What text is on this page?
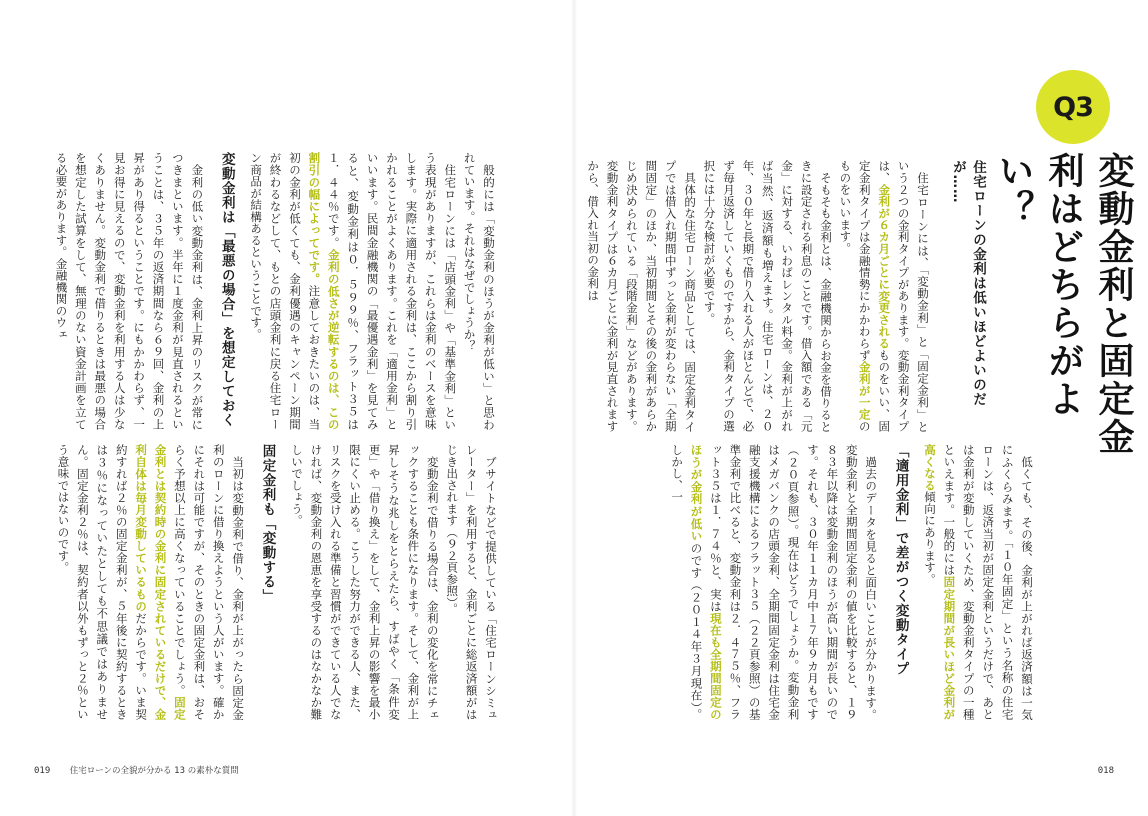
般的には「変動金利のほうが金利が低い」と思われています。それはなぜでしょうか？

住宅ローンには「店頭金利」や「基準金利」という表現がありますが、これらは金利のベースを意味します。実際に適用される金利は、ここから割り引かれることがよくあります。これを「適用金利」といいます。民間金融機関の「最優遇金利」を見てみると、変動金利は０．５９９％、フラット３５は１．４４％です。金利の低さが逆転するのは、この割引の幅によってです。注意しておきたいのは、当初の金利が低くても、金利優遇のキャンペーン期間が終わるなどして、もとの店頭金利に戻る住宅ローン商品が結構あるということです。

変動金利は「最悪の場合」を想定しておく

金利の低い変動金利は、金利上昇のリスクが常につきまといます。半年に１度金利が見直されるということは、３５年の返済期間なら６９回、金利の上昇があり得るということです。にもかかわらず、一見お得に見えるので、変動金利を利用する人は少なくありません。変動金利で借りるときは最悪の場合を想定した試算をして、無理のない資金計画を立てる必要があります。金融機関のウェ

ブサイトなどで提供している「住宅ローンシミュレーター」を利用すると、金利ごとに総返済額がはじき出されます（９２頁参照）。

変動金利で借りる場合は、金利の変化を常にチェックすることも条件になります。そして、金利が上昇しそうな兆しをとらえたら、すばやく「条件変更」や「借り換え」をして、金利上昇の影響を最小限にくい止める。こうした努力ができる人、また、リスクを受け入れる準備と習慣ができている人でなければ、変動金利の恩恵を享受するのはなかなか難しいでしょう。

固定金利も「変動する」

当初は変動金利で借り、金利が上がったら固定金利のローンに借り換えようという人がいます。確かにそれは可能ですが、そのときの固定金利は、おそらく予想以上に高くなっていることでしょう。固定金利とは契約時の金利に固定されているだけで、金利自体は毎月変動しているものだからです。いま契約すれば２％の固定金利が、５年後に契約するときは３％になっていたとしても不思議ではありません。固定金利２％は、契約者以外もずっと２％という意味ではないのです。

019 住宅ローンの全貌が分かる 13 の素朴な質問
Q3
変動金利と固定金利はどちらがよい？
住宅ローンの金利は低いほどよいのだが……

住宅ローンには、「変動金利」と「固定金利」という２つの金利タイプがあります。変動金利タイプは、金利が６カ月ごとに変更されるものをいい、固定金利タイプは金融情勢にかかわらず金利が一定のものをいいます。

そもそも金利とは、金融機関からお金を借りるときに設定される利息のことです。借入額である「元金」に対する、いわばレンタル料金。金利が上がれば当然、返済額も増えます。住宅ローンは、２０年、３０年と長期で借り入れる人がほとんどで、必ず毎月返済していくものですから、金利タイプの選択には十分な検討が必要です。

具体的な住宅ローン商品としては、固定金利タイプでは借入れ期間中ずっと金利が変わらない「全期間固定」のほか、当初期間とその後の金利があらかじめ決められている「段階金利」などがあります。変動金利タイプは６カ月ごとに金利が見直されますから、借入れ当初の金利は

低くても、その後、金利が上がれば返済額は一気にふくらみます。「１０年固定」という名称の住宅ローンは、返済当初が固定金利というだけで、あとは金利が変動していくため、変動金利タイプの一種といえます。一般的には固定期間が長いほど金利が高くなる傾向にあります。

「適用金利」で差がつく変動タイプ

過去のデータを見ると面白いことが分かります。変動金利と全期間固定金利の値を比較すると、１９８３年以降は変動金利のほうが高い期間が長いのです。それも、３０年１１カ月中１７年９カ月もです（２０頁参照）。現在はどうでしょうか。変動金利はメガバンクの店頭金利、全期間固定金利は住宅金融支援機構によるフラット３５（２２頁参照）の基準金利で比べると、変動金利は２．４７５％、フラット３５は１．７４％と、実は現在も全期間固定のほうが金利が低いのです（２０１４年３月現在）。しかし、一

018
